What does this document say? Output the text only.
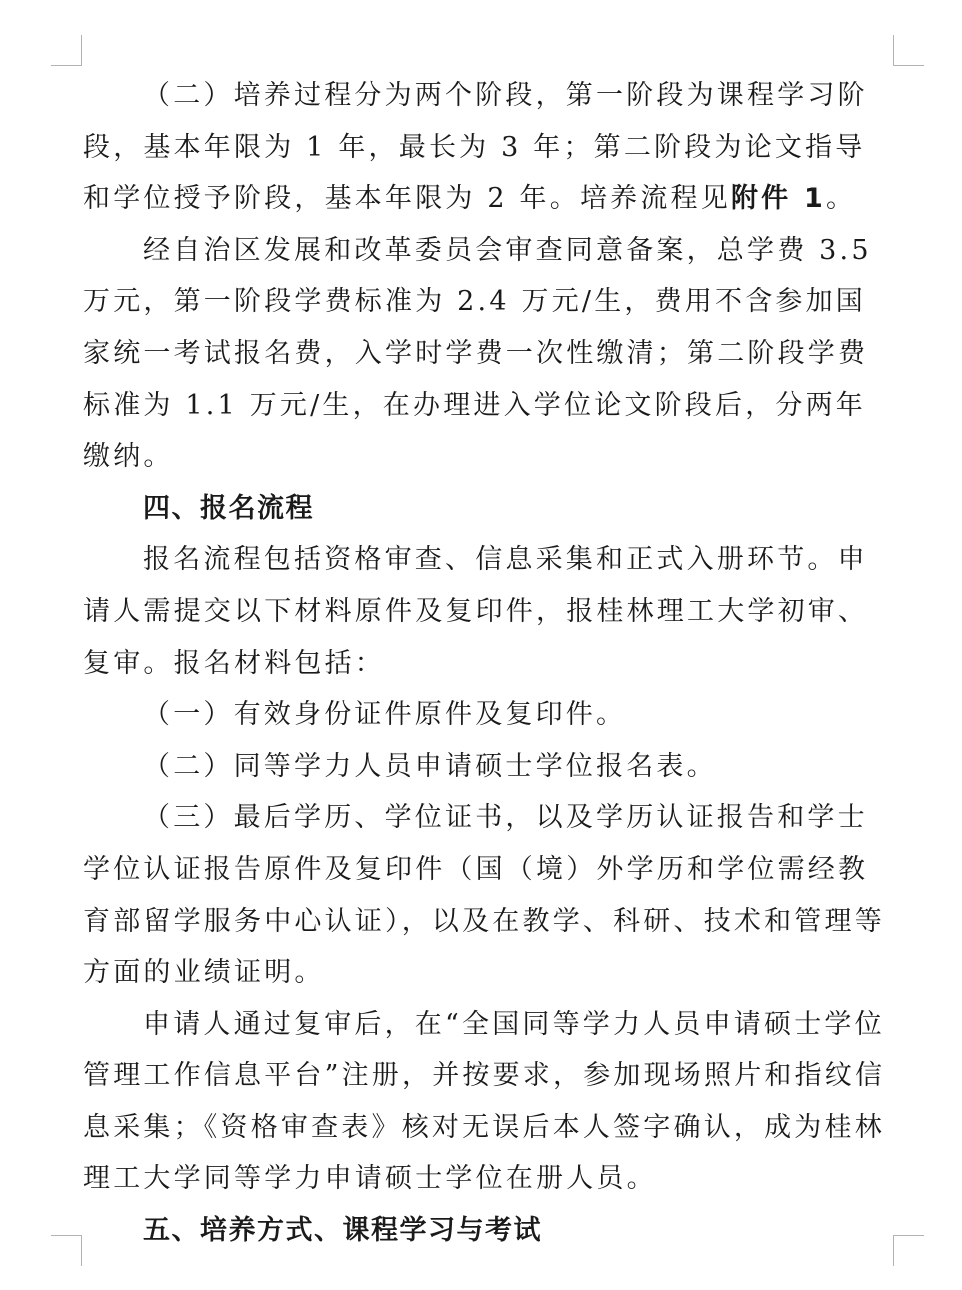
（二）培养过程分为两个阶段，第一阶段为课程学习阶段，基本年限为 1 年，最长为 3 年；第二阶段为论文指导和学位授予阶段，基本年限为 2 年。培养流程见附件 1。

经自治区发展和改革委员会审查同意备案，总学费 3.5 万元，第一阶段学费标准为 2.4 万元/生，费用不含参加国家统一考试报名费，入学时学费一次性缴清；第二阶段学费标准为 1.1 万元/生，在办理进入学位论文阶段后，分两年缴纳。

四、报名流程

报名流程包括资格审查、信息采集和正式入册环节。申请人需提交以下材料原件及复印件，报桂林理工大学初审、复审。报名材料包括：

（一）有效身份证件原件及复印件。

（二）同等学力人员申请硕士学位报名表。

（三）最后学历、学位证书，以及学历认证报告和学士学位认证报告原件及复印件（国（境）外学历和学位需经教育部留学服务中心认证），以及在教学、科研、技术和管理等方面的业绩证明。

申请人通过复审后，在“全国同等学力人员申请硕士学位管理工作信息平台”注册，并按要求，参加现场照片和指纹信息采集；《资格审查表》核对无误后本人签字确认，成为桂林理工大学同等学力申请硕士学位在册人员。

五、培养方式、课程学习与考试
